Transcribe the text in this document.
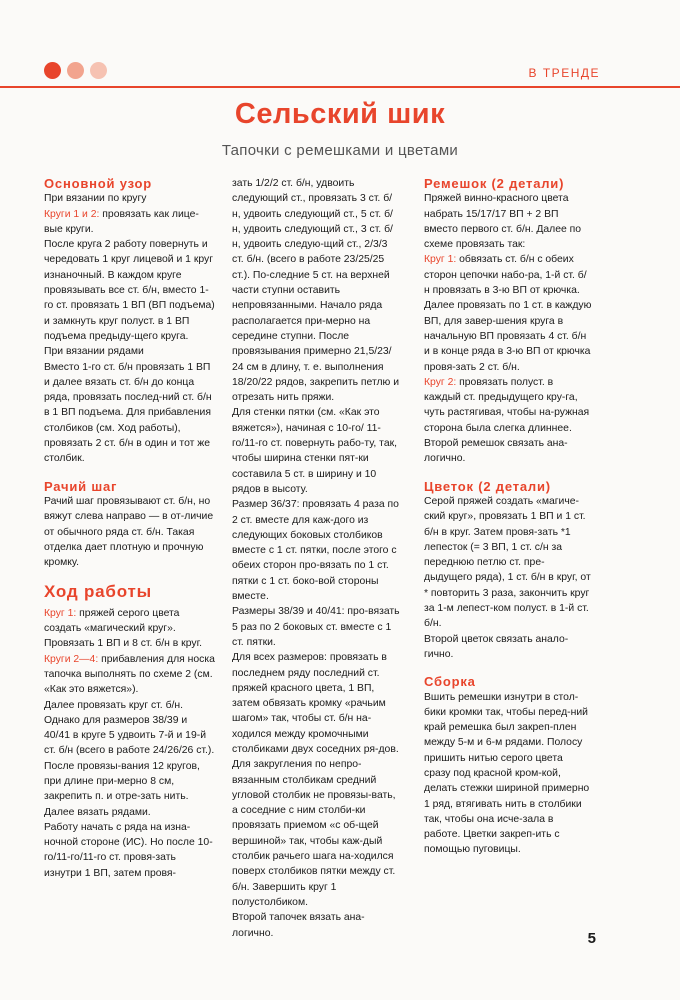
В ТРЕНДЕ
Сельский шик
Тапочки с ремешками и цветами

Основной узор

При вязании по кругу

Круги 1 и 2: провязать как лице-вые круги.

После круга 2 работу повернуть и чередовать 1 круг лицевой и 1 круг изнаночный. В каждом круге провязывать все ст. б/н, вместо 1-го ст. провязать 1 ВП (ВП подъема) и замкнуть круг полуст. в 1 ВП подъема предыду-щего круга.

При вязании рядами

Вместо 1-го ст. б/н провязать 1 ВП и далее вязать ст. б/н до конца ряда, провязать послед-ний ст. б/н в 1 ВП подъема. Для прибавления столбиков (см. Ход работы), провязать 2 ст. б/н в один и тот же столбик.

Рачий шаг

Рачий шаг провязывают ст. б/н, но вяжут слева направо — в от-личие от обычного ряда ст. б/н. Такая отделка дает плотную и прочную кромку.

Ход работы

Круг 1: пряжей серого цвета создать «магический круг». Провязать 1 ВП и 8 ст. б/н в круг.

Круги 2—4: прибавления для носка тапочка выполнять по схеме 2 (см. «Как это вяжется»).

Далее провязать круг ст. б/н. Однако для размеров 38/39 и 40/41 в круге 5 удвоить 7-й и 19-й ст. б/н (всего в работе 24/26/26 ст.). После провязы-вания 12 кругов, при длине при-мерно 8 см, закрепить п. и отре-зать нить.

Далее вязать рядами.

Работу начать с ряда на изна-ночной стороне (ИС). Но после 10-го/11-го/11-го ст. провя-зать изнутри 1 ВП, затем провя-

зать 1/2/2 ст. б/н, удвоить следующий ст., провязать 3 ст. б/н, удвоить следующий ст., 5 ст. б/н, удвоить следующий ст., 3 ст. б/н, удвоить следую-щий ст., 2/3/3 ст. б/н. (всего в работе 23/25/25 ст.). По-следние 5 ст. на верхней части ступни оставить непровязанными. Начало ряда располагается при-мерно на середине ступни. После провязывания примерно 21,5/23/ 24 см в длину, т. е. выполнения 18/20/22 рядов, закрепить петлю и отрезать нить пряжи.

Для стенки пятки (см. «Как это вяжется»), начиная с 10-го/ 11-го/11-го ст. повернуть рабо-ту, так, чтобы ширина стенки пят-ки составила 5 ст. в ширину и 10 рядов в высоту.

Размер 36/37: провязать 4 раза по 2 ст. вместе для каж-дого из следующих боковых столбиков вместе с 1 ст. пятки, после этого с обеих сторон про-вязать по 1 ст. пятки с 1 ст. боко-вой стороны вместе.

Размеры 38/39 и 40/41: про-вязать 5 раз по 2 боковых ст. вместе с 1 ст. пятки.

Для всех размеров: провязать в последнем ряду последний ст. пряжей красного цвета, 1 ВП, затем обвязать кромку «рачьим шагом» так, чтобы ст. б/н на-ходился между кромочными столбиками двух соседних ря-дов. Для закругления по непро-вязанным столбикам средний угловой столбик не провязы-вать, а соседние с ним столби-ки провязать приемом «с об-щей вершиной» так, чтобы каж-дый столбик рачьего шага на-ходился поверх столбиков пятки между ст. б/н. Завершить круг 1 полустолбиком.

Второй тапочек вязать ана-логично.

Ремешок (2 детали)

Пряжей винно-красного цвета набрать 15/17/17 ВП + 2 ВП вместо первого ст. б/н. Далее по схеме провязать так:

Круг 1: обвязать ст. б/н с обеих сторон цепочки набо-ра, 1-й ст. б/н провязать в 3-ю ВП от крючка. Далее провязать по 1 ст. в каждую ВП, для завер-шения круга в начальную ВП провязать 4 ст. б/н и в конце ряда в 3-ю ВП от крючка провя-зать 2 ст. б/н.

Круг 2: провязать полуст. в каждый ст. предыдущего кру-га, чуть растягивая, чтобы на-ружная сторона была слегка длиннее.

Второй ремешок связать ана-логично.

Цветок (2 детали)

Серой пряжей создать «магиче-ский круг», провязать 1 ВП и 1 ст. б/н в круг. Затем провя-зать *1 лепесток (= 3 ВП, 1 ст. с/н за переднюю петлю ст. пре-дыдущего ряда), 1 ст. б/н в круг, от * повторить 3 раза, закончить круг за 1-м лепест-ком полуст. в 1-й ст. б/н.

Второй цветок связать анало-гично.

Сборка

Вшить ремешки изнутри в стол-бики кромки так, чтобы перед-ний край ремешка был закреп-плен между 5-м и 6-м рядами. Полосу пришить нитью серого цвета сразу под красной кром-кой, делать стежки шириной примерно 1 ряд, втягивать нить в столбики так, чтобы она исче-зала в работе. Цветки закреп-ить с помощью пуговицы.

5
